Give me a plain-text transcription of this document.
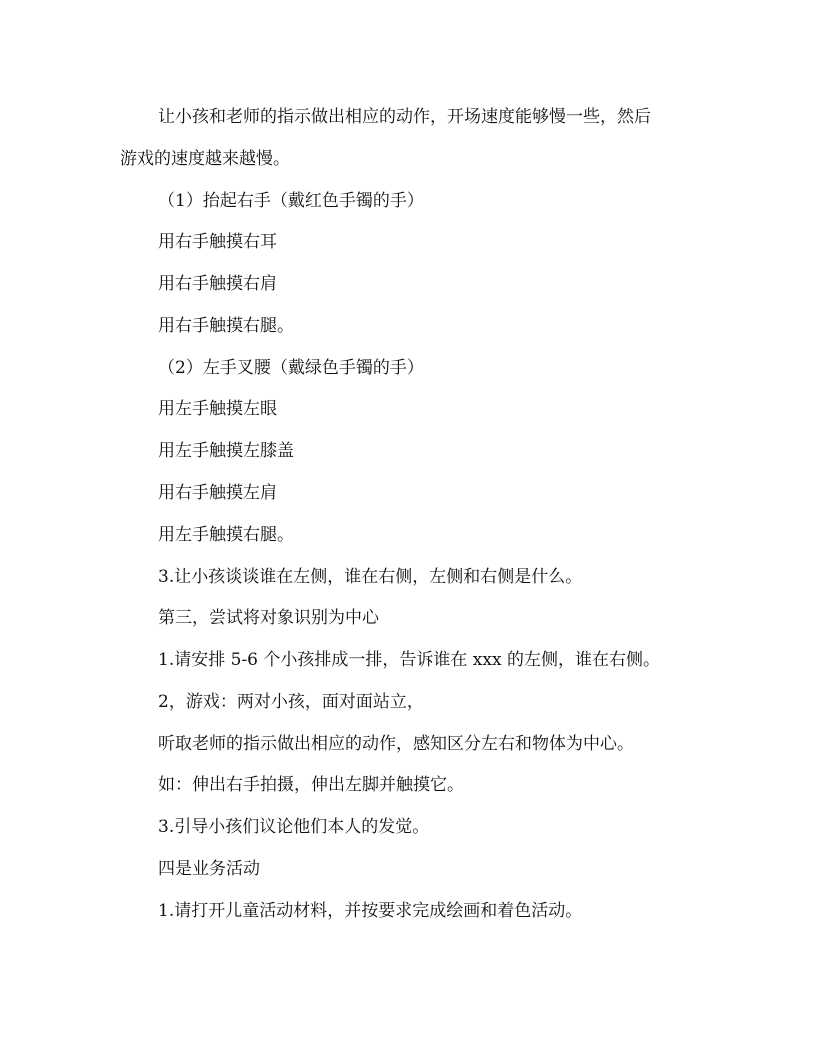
让小孩和老师的指示做出相应的动作，开场速度能够慢一些，然后
游戏的速度越来越慢。
（1）抬起右手（戴红色手镯的手）
用右手触摸右耳
用右手触摸右肩
用右手触摸右腿。
（2）左手叉腰（戴绿色手镯的手）
用左手触摸左眼
用左手触摸左膝盖
用右手触摸左肩
用左手触摸右腿。
3.让小孩谈谈谁在左侧，谁在右侧，左侧和右侧是什么。
第三，尝试将对象识别为中心
1.请安排 5-6 个小孩排成一排，告诉谁在 xxx 的左侧，谁在右侧。
2，游戏：两对小孩，面对面站立，
听取老师的指示做出相应的动作，感知区分左右和物体为中心。
如：伸出右手拍摄，伸出左脚并触摸它。
3.引导小孩们议论他们本人的发觉。
四是业务活动
1.请打开儿童活动材料，并按要求完成绘画和着色活动。
